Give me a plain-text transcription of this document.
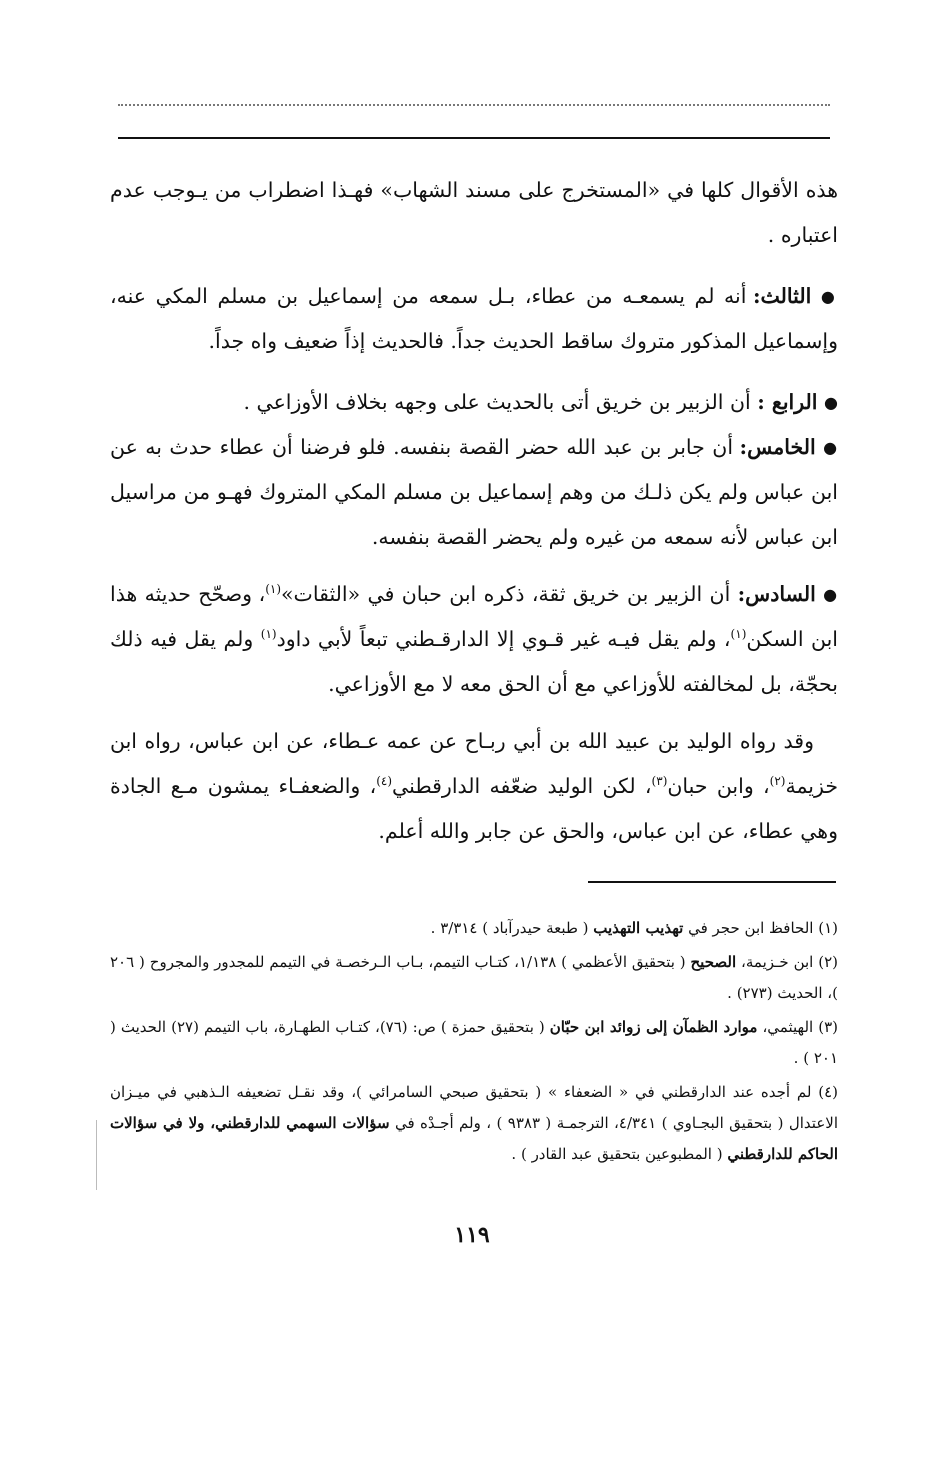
هذه الأقوال كلها في «المستخرج على مسند الشهاب» فهـذا اضطراب من يـوجب عدم اعتباره .

● الثالث: أنه لم يسمعـه من عطاء، بـل سمعه من إسماعيل بن مسلم المكي عنه، وإسماعيل المذكور متروك ساقط الحديث جداً. فالحديث إذاً ضعيف واه جداً.

● الرابع : أن الزبير بن خريق أتى بالحديث على وجهه بخلاف الأوزاعي .

● الخامس: أن جابر بن عبد الله حضر القصة بنفسه. فلو فرضنا أن عطاء حدث به عن ابن عباس ولم يكن ذلـك من وهم إسماعيل بن مسلم المكي المتروك فهـو من مراسيل ابن عباس لأنه سمعه من غيره ولم يحضر القصة بنفسه.

● السادس: أن الزبير بن خريق ثقة، ذكره ابن حبان في «الثقات»$^{(١)}$، وصحّح حديثه هذا ابن السكن$^{(١)}$، ولم يقل فيـه غير قـوي إلا الدارقـطني تبعاً لأبي داود$^{(١)}$ ولم يقل فيه ذلك بحجّة، بل لمخالفته للأوزاعي مع أن الحق معه لا مع الأوزاعي.

وقد رواه الوليد بن عبيد الله بن أبي ربـاح عن عمه عـطاء، عن ابن عباس، رواه ابن خزيمة$^{(٢)}$، وابن حبان$^{(٣)}$، لكن الوليد ضعّفه الدارقطني$^{(٤)}$، والضعفـاء يمشون مـع الجادة وهي عطاء، عن ابن عباس، والحق عن جابر والله أعلم.

(١) الحافظ ابن حجر في تهذيب التهذيب ( طبعة حيدرآباد ) ٣/٣١٤ .

(٢) ابن خـزيمة، الصحيح ( بتحقيق الأعظمي ) ١/١٣٨، كتـاب التيمم، بـاب الـرخصـة في التيمم للمجدور والمجروح ( ٢٠٦ )، الحديث (٢٧٣) .

(٣) الهيثمي، موارد الظمآن إلى زوائد ابن حبّان ( بتحقيق حمزة ) ص: (٧٦)، كتـاب الطهـارة، باب التيمم (٢٧) الحديث ( ٢٠١ ) .

(٤) لم أجده عند الدارقطني في « الضعفاء » ( بتحقيق صبحي السامرائي )، وقد نقـل تضعيفه الـذهبي في ميـزان الاعتدال ( بتحقيق البجـاوي ) ٤/٣٤١، الترجمـة ( ٩٣٨٣ ) ، ولم أجـدْه في سؤالات السهمي للدارقطني، ولا في سؤالات الحاكم للدارقطني ( المطبوعين بتحقيق عبد القادر ) .

١١٩
